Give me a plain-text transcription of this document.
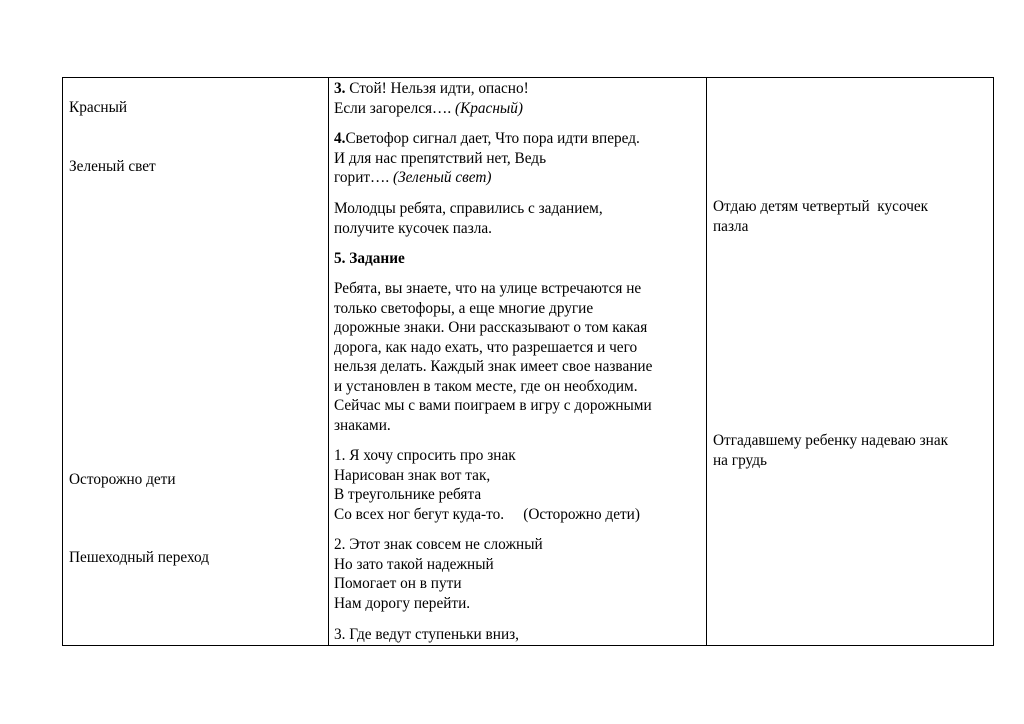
Красный
Зеленый свет
Осторожно дети
Пешеходный переход
3. Стой! Нельзя идти, опасно!
Если загорелся…. (Красный)
4.Светофор сигнал дает, Что пора идти вперед.
И для нас препятствий нет, Ведь
горит…. (Зеленый свет)
Молодцы ребята, справились с заданием,
получите кусочек пазла.
5. Задание
Ребята, вы знаете, что на улице встречаются не
только светофоры, а еще многие другие
дорожные знаки. Они рассказывают о том какая
дорога, как надо ехать, что разрешается и чего
нельзя делать. Каждый знак имеет свое название
и установлен в таком месте, где он необходим.
Сейчас мы с вами поиграем в игру с дорожными
знаками.
1. Я хочу спросить про знак
Нарисован знак вот так,
В треугольнике ребята
Со всех ног бегут куда-то.     (Осторожно дети)
2. Этот знак совсем не сложный
Но зато такой надежный
Помогает он в пути
Нам дорогу перейти.
3. Где ведут ступеньки вниз,
Отдаю детям четвертый  кусочек
пазла
Отгадавшему ребенку надеваю знак
на грудь
